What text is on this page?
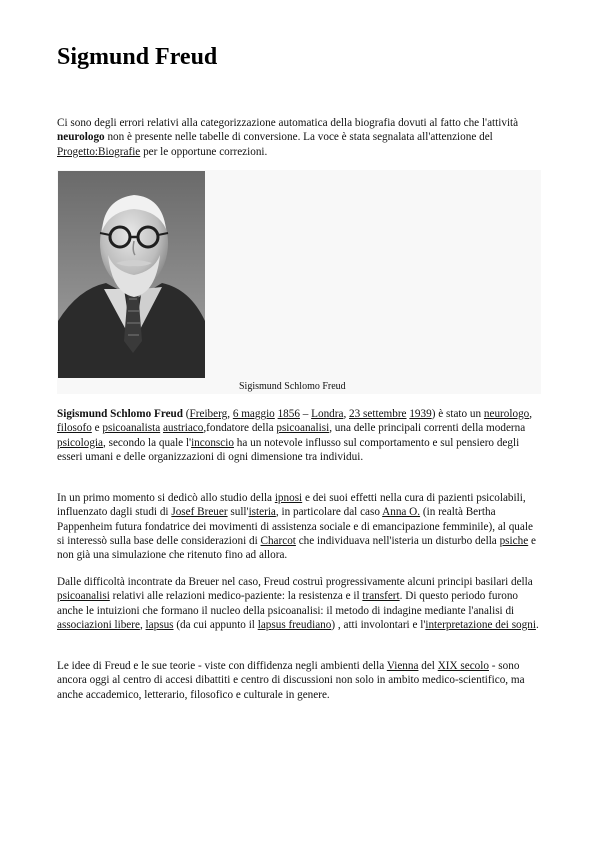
Sigmund Freud

Ci sono degli errori relativi alla categorizzazione automatica della biografia dovuti al fatto che l'attività neurologo non è presente nelle tabelle di conversione. La voce è stata segnalata all'attenzione del Progetto:Biografie per le opportune correzioni.

Sigismund Schlomo Freud

Sigismund Schlomo Freud (Freiberg, 6 maggio 1856 – Londra, 23 settembre 1939) è stato un neurologo, filosofo e psicoanalista austriaco,fondatore della psicoanalisi, una delle principali correnti della moderna psicologia, secondo la quale l'inconscio ha un notevole influsso sul comportamento e sul pensiero degli esseri umani e delle organizzazioni di ogni dimensione tra individui.

In un primo momento si dedicò allo studio della ipnosi e dei suoi effetti nella cura di pazienti psicolabili, influenzato dagli studi di Josef Breuer sull'isteria, in particolare dal caso Anna O. (in realtà Bertha Pappenheim futura fondatrice dei movimenti di assistenza sociale e di emancipazione femminile), al quale si interessò sulla base delle considerazioni di Charcot che individuava nell'isteria un disturbo della psiche e non già una simulazione che ritenuto fino ad allora.

Dalle difficoltà incontrate da Breuer nel caso, Freud costruì progressivamente alcuni principi basilari della psicoanalisi relativi alle relazioni medico-paziente: la resistenza e il transfert. Di questo periodo furono anche le intuizioni che formano il nucleo della psicoanalisi: il metodo di indagine mediante l'analisi di associazioni libere, lapsus (da cui appunto il lapsus freudiano) , atti involontari e l'interpretazione dei sogni.

Le idee di Freud e le sue teorie - viste con diffidenza negli ambienti della Vienna del XIX secolo - sono ancora oggi al centro di accesi dibattiti e centro di discussioni non solo in ambito medico-scientifico, ma anche accademico, letterario, filosofico e culturale in genere.
